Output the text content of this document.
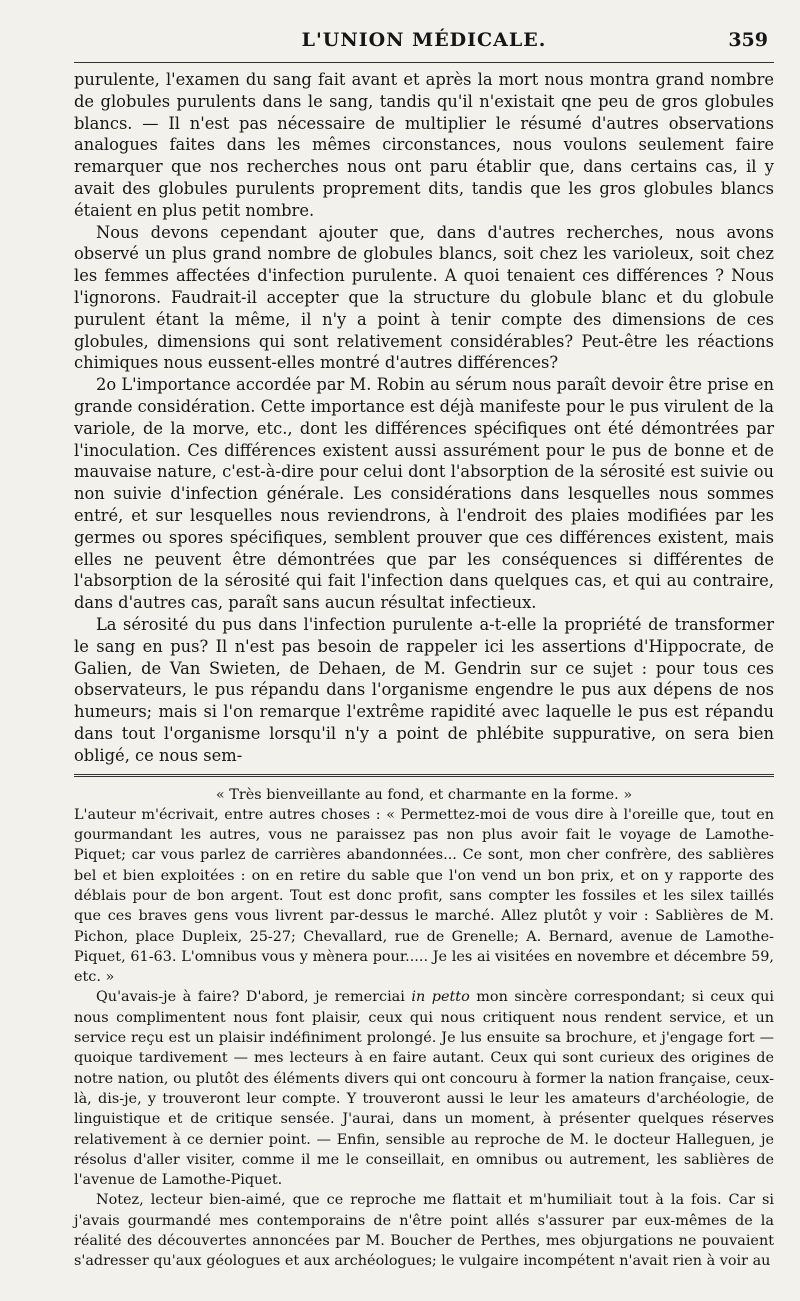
L'UNION MÉDICALE.	359

purulente, l'examen du sang fait avant et après la mort nous montra grand nombre de globules purulents dans le sang, tandis qu'il n'existait qne peu de gros globules blancs. — Il n'est pas nécessaire de multiplier le résumé d'autres observations analogues faites dans les mêmes circonstances, nous voulons seulement faire remarquer que nos recherches nous ont paru établir que, dans certains cas, il y avait des globules purulents proprement dits, tandis que les gros globules blancs étaient en plus petit nombre.

Nous devons cependant ajouter que, dans d'autres recherches, nous avons observé un plus grand nombre de globules blancs, soit chez les varioleux, soit chez les femmes affectées d'infection purulente. A quoi tenaient ces différences ? Nous l'ignorons. Faudrait-il accepter que la structure du globule blanc et du globule purulent étant la même, il n'y a point à tenir compte des dimensions de ces globules, dimensions qui sont relativement considérables? Peut-être les réactions chimiques nous eussent-elles montré d'autres différences?

2o L'importance accordée par M. Robin au sérum nous paraît devoir être prise en grande considération. Cette importance est déjà manifeste pour le pus virulent de la variole, de la morve, etc., dont les différences spécifiques ont été démontrées par l'inoculation. Ces différences existent aussi assurément pour le pus de bonne et de mauvaise nature, c'est-à-dire pour celui dont l'absorption de la sérosité est suivie ou non suivie d'infection générale. Les considérations dans lesquelles nous sommes entré, et sur lesquelles nous reviendrons, à l'endroit des plaies modifiées par les germes ou spores spécifiques, semblent prouver que ces différences existent, mais elles ne peuvent être démontrées que par les conséquences si différentes de l'absorption de la sérosité qui fait l'infection dans quelques cas, et qui au contraire, dans d'autres cas, paraît sans aucun résultat infectieux.

La sérosité du pus dans l'infection purulente a-t-elle la propriété de transformer le sang en pus? Il n'est pas besoin de rappeler ici les assertions d'Hippocrate, de Galien, de Van Swieten, de Dehaen, de M. Gendrin sur ce sujet : pour tous ces observateurs, le pus répandu dans l'organisme engendre le pus aux dépens de nos humeurs; mais si l'on remarque l'extrême rapidité avec laquelle le pus est répandu dans tout l'organisme lorsqu'il n'y a point de phlébite suppurative, on sera bien obligé, ce nous sem-

« Très bienveillante au fond, et charmante en la forme. »

L'auteur m'écrivait, entre autres choses : « Permettez-moi de vous dire à l'oreille que, tout en gourmandant les autres, vous ne paraissez pas non plus avoir fait le voyage de Lamothe-Piquet; car vous parlez de carrières abandonnées... Ce sont, mon cher confrère, des sablières bel et bien exploitées : on en retire du sable que l'on vend un bon prix, et on y rapporte des déblais pour de bon argent. Tout est donc profit, sans compter les fossiles et les silex taillés que ces braves gens vous livrent par-dessus le marché. Allez plutôt y voir : Sablières de M. Pichon, place Dupleix, 25-27; Chevallard, rue de Grenelle; A. Bernard, avenue de Lamothe-Piquet, 61-63. L'omnibus vous y mènera pour..... Je les ai visitées en novembre et décembre 59, etc. »

Qu'avais-je à faire? D'abord, je remerciai in petto mon sincère correspondant; si ceux qui nous complimentent nous font plaisir, ceux qui nous critiquent nous rendent service, et un service reçu est un plaisir indéfiniment prolongé. Je lus ensuite sa brochure, et j'engage fort — quoique tardivement — mes lecteurs à en faire autant. Ceux qui sont curieux des origines de notre nation, ou plutôt des éléments divers qui ont concouru à former la nation française, ceux-là, dis-je, y trouveront leur compte. Y trouveront aussi le leur les amateurs d'archéologie, de linguistique et de critique sensée. J'aurai, dans un moment, à présenter quelques réserves relativement à ce dernier point. — Enfin, sensible au reproche de M. le docteur Halleguen, je résolus d'aller visiter, comme il me le conseillait, en omnibus ou autrement, les sablières de l'avenue de Lamothe-Piquet.

Notez, lecteur bien-aimé, que ce reproche me flattait et m'humiliait tout à la fois. Car si j'avais gourmandé mes contemporains de n'être point allés s'assurer par eux-mêmes de la réalité des découvertes annoncées par M. Boucher de Perthes, mes objurgations ne pouvaient s'adresser qu'aux géologues et aux archéologues; le vulgaire incompétent n'avait rien à voir au
